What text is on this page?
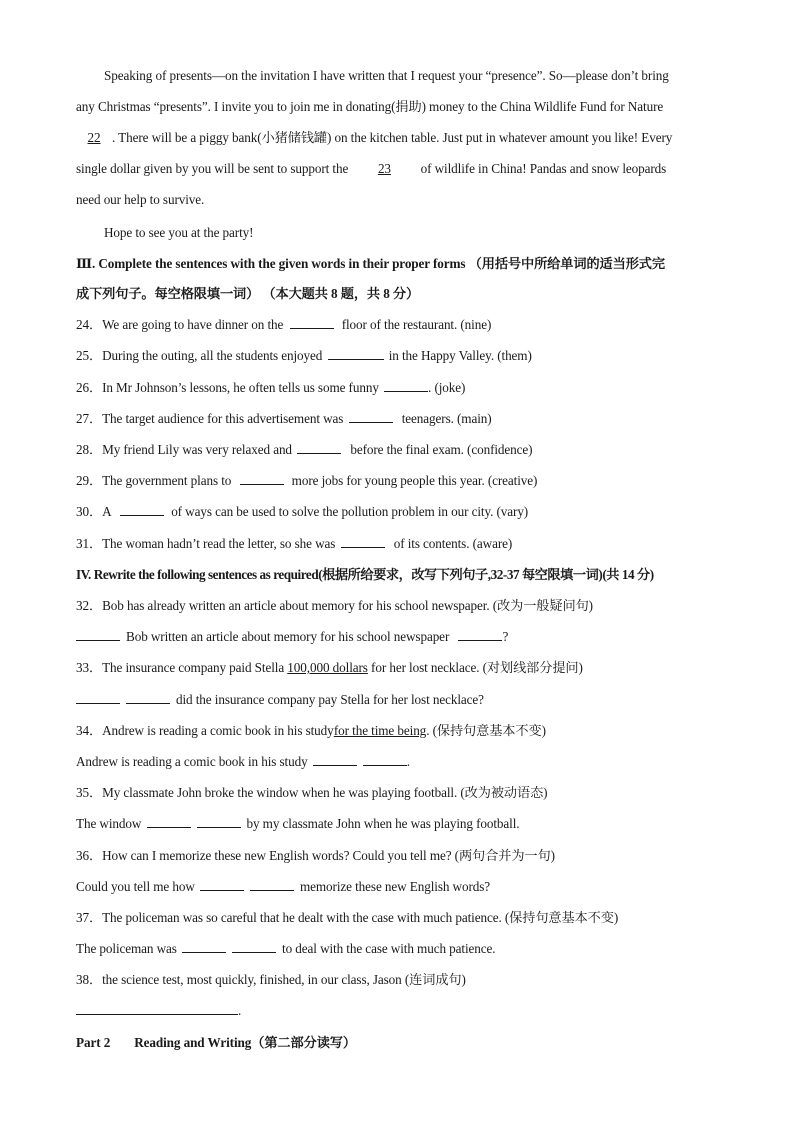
Speaking of presents—on the invitation I have written that I request your “presence”. So—please don’t bring
any Christmas “presents”. I invite you to join me in donating(捐助) money to the China Wildlife Fund for Nature
22 . There will be a piggy bank(小猪储钱罐) on the kitchen table. Just put in whatever amount you like! Every
single dollar given by you will be sent to support the 23 of wildlife in China! Pandas and snow leopards
need our help to survive.
Hope to see you at the party!
Ⅲ. Complete the sentences with the given words in their proper forms （用括号中所给单词的适当形式完
成下列句子。每空格限填一词） （本大题共 8 题，共 8 分）
24．We are going to have dinner on the	floor of the restaurant. (nine)
25．During the outing, all the students enjoyed	in the Happy Valley. (them)
26．In Mr Johnson’s lessons, he often tells us some funny	. (joke)
27．The target audience for this advertisement was	teenagers. (main)
28．My friend Lily was very relaxed and	before the final exam. (confidence)
29．The government plans to	more jobs for young people this year. (creative)
30．A	of ways can be used to solve the pollution problem in our city. (vary)
31．The woman hadn’t read the letter, so she was	of its contents. (aware)
IV. Rewrite the following sentences as required(根据所给要求，改写下列句子,32-37 每空限填一词)(共 14 分)
32．Bob has already written an article about memory for his school newspaper. (改为一般疑问句)
Bob written an article about memory for his school newspaper	?
33．The insurance company paid Stella 100,000 dollars for her lost necklace. (对划线部分提问)
did the insurance company pay Stella for her lost necklace?
34．Andrew is reading a comic book in his study for the time being. (保持句意基本不变)
Andrew is reading a comic book in his study	.
35．My classmate John broke the window when he was playing football. (改为被动语态)
The window	by my classmate John when he was playing football.
36．How can I memorize these new English words? Could you tell me? (两句合并为一句)
Could you tell me how	memorize these new English words?
37．The policeman was so careful that he dealt with the case with much patience. (保持句意基本不变)
The policeman was	to deal with the case with much patience.
38．the science test, most quickly, finished, in our class, Jason (连词成句)
.
Part 2 Reading and Writing（第二部分读写）
